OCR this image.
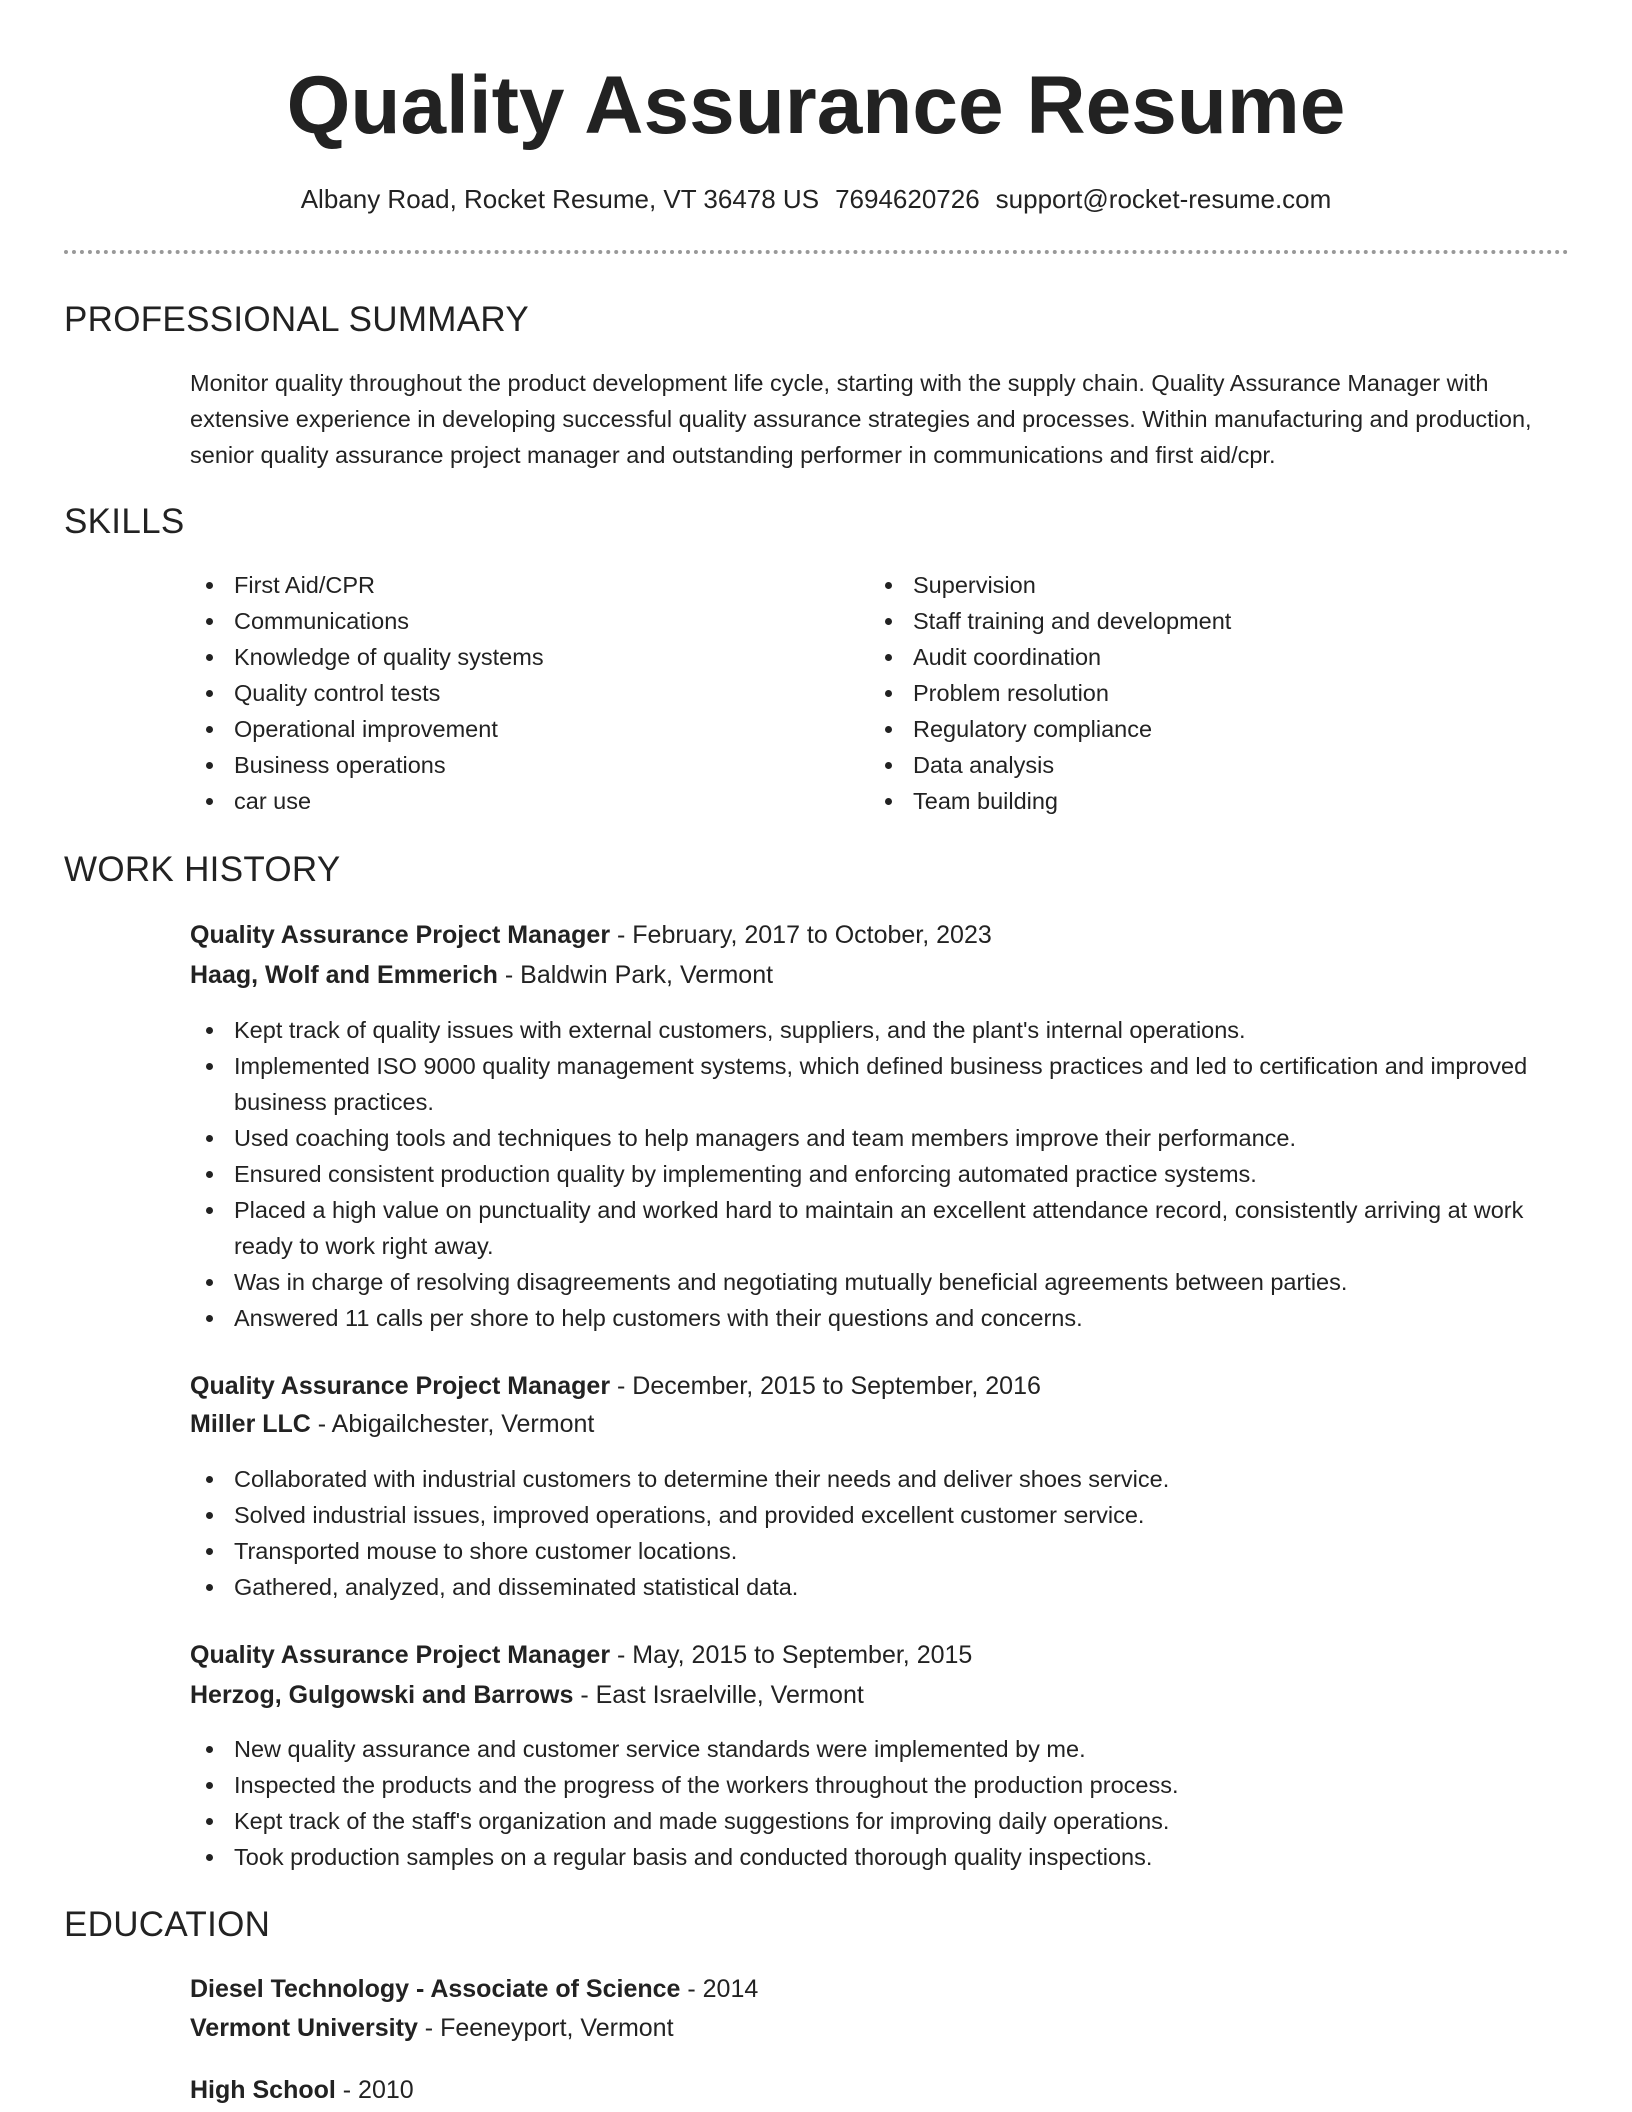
Quality Assurance Resume
Albany Road, Rocket Resume, VT 36478 US 7694620726 support@rocket-resume.com
PROFESSIONAL SUMMARY

Monitor quality throughout the product development life cycle, starting with the supply chain. Quality Assurance Manager with extensive experience in developing successful quality assurance strategies and processes. Within manufacturing and production, senior quality assurance project manager and outstanding performer in communications and first aid/cpr.

SKILLS
First Aid/CPR
Communications
Knowledge of quality systems
Quality control tests
Operational improvement
Business operations
car use
Supervision
Staff training and development
Audit coordination
Problem resolution
Regulatory compliance
Data analysis
Team building
WORK HISTORY
Quality Assurance Project Manager - February, 2017 to October, 2023
Haag, Wolf and Emmerich - Baldwin Park, Vermont
Kept track of quality issues with external customers, suppliers, and the plant's internal operations.
Implemented ISO 9000 quality management systems, which defined business practices and led to certification and improved business practices.
Used coaching tools and techniques to help managers and team members improve their performance.
Ensured consistent production quality by implementing and enforcing automated practice systems.
Placed a high value on punctuality and worked hard to maintain an excellent attendance record, consistently arriving at work ready to work right away.
Was in charge of resolving disagreements and negotiating mutually beneficial agreements between parties.
Answered 11 calls per shore to help customers with their questions and concerns.
Quality Assurance Project Manager - December, 2015 to September, 2016
Miller LLC - Abigailchester, Vermont
Collaborated with industrial customers to determine their needs and deliver shoes service.
Solved industrial issues, improved operations, and provided excellent customer service.
Transported mouse to shore customer locations.
Gathered, analyzed, and disseminated statistical data.
Quality Assurance Project Manager - May, 2015 to September, 2015
Herzog, Gulgowski and Barrows - East Israelville, Vermont
New quality assurance and customer service standards were implemented by me.
Inspected the products and the progress of the workers throughout the production process.
Kept track of the staff's organization and made suggestions for improving daily operations.
Took production samples on a regular basis and conducted thorough quality inspections.
EDUCATION
Diesel Technology - Associate of Science - 2014
Vermont University - Feeneyport, Vermont
High School - 2010
